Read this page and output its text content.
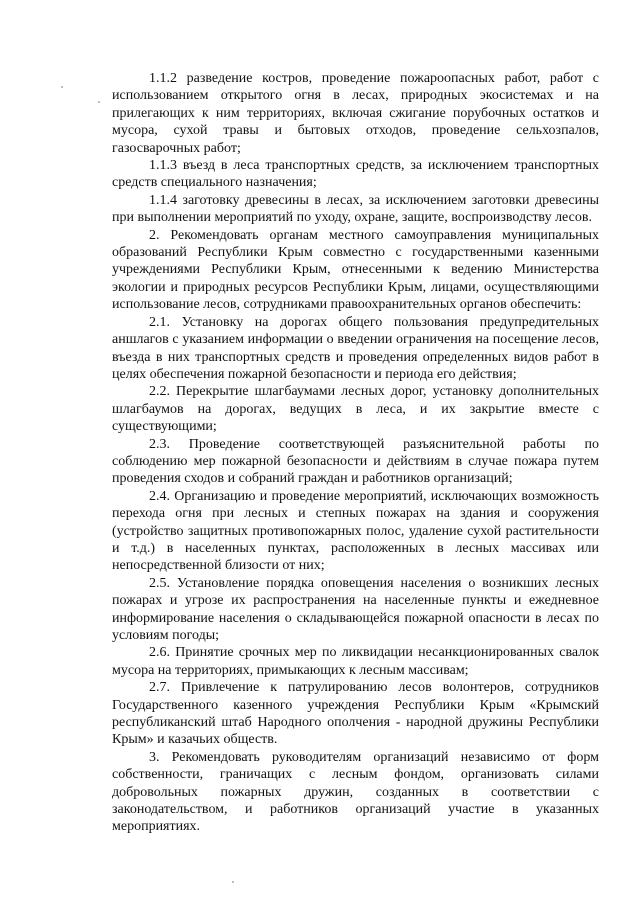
1.1.2 разведение костров, проведение пожароопасных работ, работ с использованием открытого огня в лесах, природных экосистемах и на прилегающих к ним территориях, включая сжигание порубочных остатков и мусора, сухой травы и бытовых отходов, проведение сельхозпалов, газосварочных работ;

1.1.3 въезд в леса транспортных средств, за исключением транспортных средств специального назначения;

1.1.4 заготовку древесины в лесах, за исключением заготовки древесины при выполнении мероприятий по уходу, охране, защите, воспроизводству лесов.

2. Рекомендовать органам местного самоуправления муниципальных образований Республики Крым совместно с государственными казенными учреждениями Республики Крым, отнесенными к ведению Министерства экологии и природных ресурсов Республики Крым, лицами, осуществляющими использование лесов, сотрудниками правоохранительных органов обеспечить:

2.1. Установку на дорогах общего пользования предупредительных аншлагов с указанием информации о введении ограничения на посещение лесов, въезда в них транспортных средств и проведения определенных видов работ в целях обеспечения пожарной безопасности и периода его действия;

2.2. Перекрытие шлагбаумами лесных дорог, установку дополнительных шлагбаумов на дорогах, ведущих в леса, и их закрытие вместе с существующими;

2.3. Проведение соответствующей разъяснительной работы по соблюдению мер пожарной безопасности и действиям в случае пожара путем проведения сходов и собраний граждан и работников организаций;

2.4. Организацию и проведение мероприятий, исключающих возможность перехода огня при лесных и степных пожарах на здания и сооружения (устройство защитных противопожарных полос, удаление сухой растительности и т.д.) в населенных пунктах, расположенных в лесных массивах или непосредственной близости от них;

2.5. Установление порядка оповещения населения о возникших лесных пожарах и угрозе их распространения на населенные пункты и ежедневное информирование населения о складывающейся пожарной опасности в лесах по условиям погоды;

2.6. Принятие срочных мер по ликвидации несанкционированных свалок мусора на территориях, примыкающих к лесным массивам;

2.7. Привлечение к патрулированию лесов волонтеров, сотрудников Государственного казенного учреждения Республики Крым «Крымский республиканский штаб Народного ополчения - народной дружины Республики Крым» и казачьих обществ.

3. Рекомендовать руководителям организаций независимо от форм собственности, граничащих с лесным фондом, организовать силами добровольных пожарных дружин, созданных в соответствии с законодательством, и работников организаций участие в указанных мероприятиях.
